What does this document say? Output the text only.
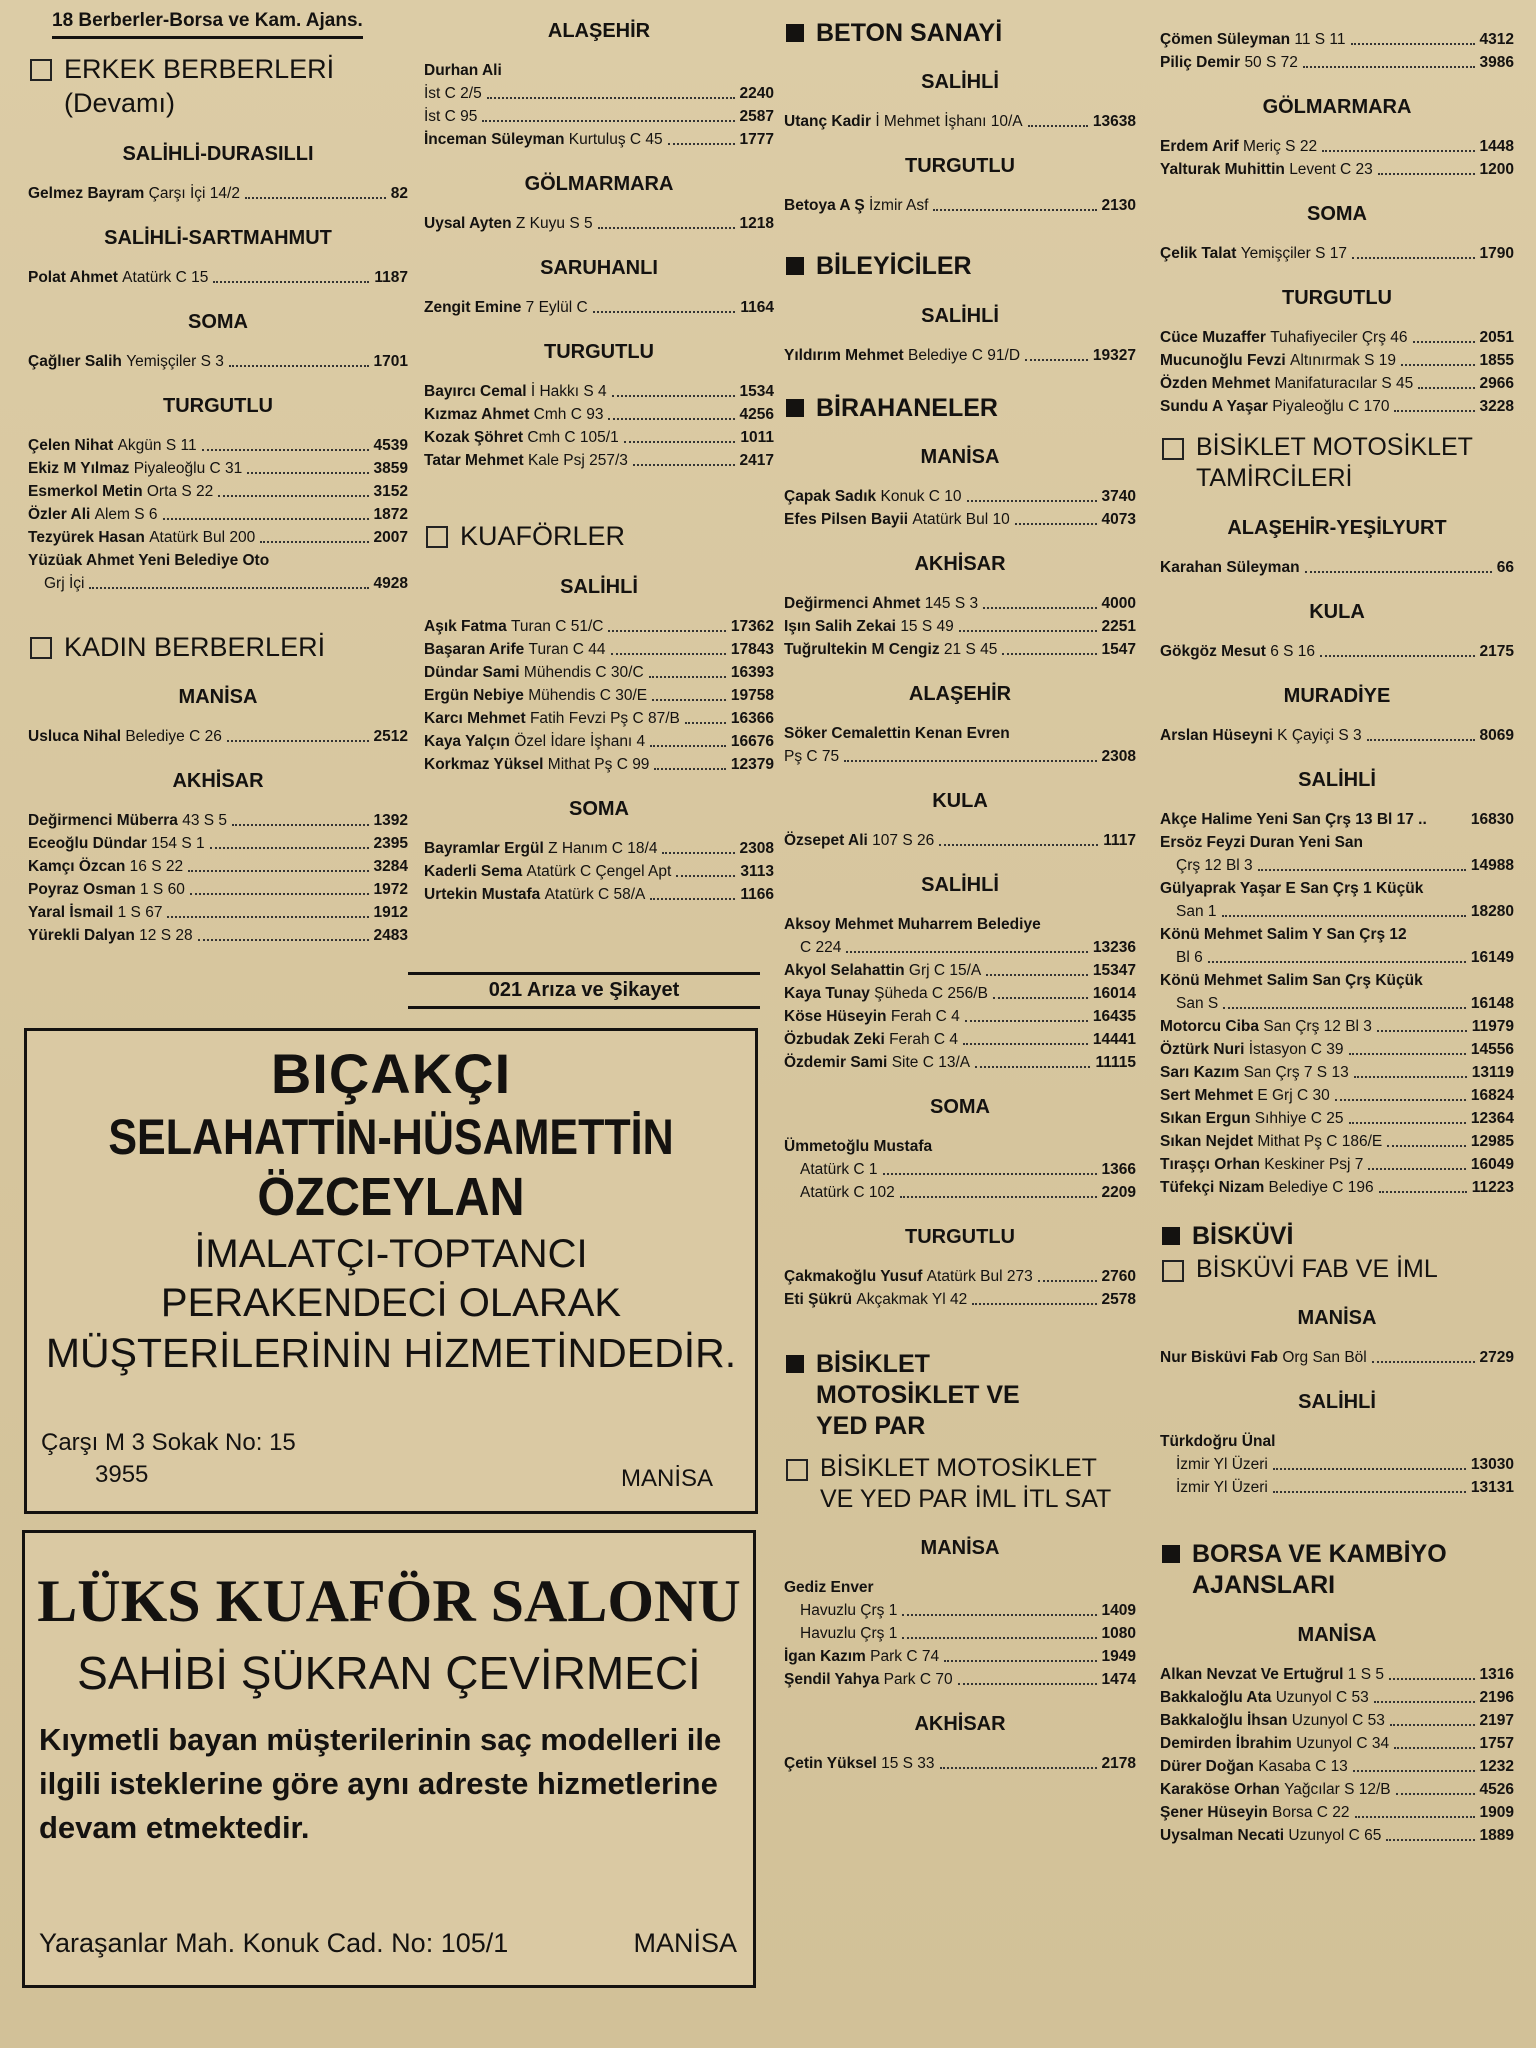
18 Berberler-Borsa ve Kam. Ajans.
ERKEK BERBERLERİ
(Devamı)
SALİHLİ-DURASILLI
Gelmez Bayram Çarşı İçi 14/2	82
SALİHLİ-SARTMAHMUT
Polat Ahmet Atatürk C 15	1187
SOMA
Çağlıer Salih Yemişçiler S 3	1701
TURGUTLU
Çelen Nihat Akgün S 11	4539
Ekiz M Yılmaz Piyaleoğlu C 31	3859
Esmerkol Metin Orta S 22	3152
Özler Ali Alem S 6	1872
Tezyürek Hasan Atatürk Bul 200	2007
Yüzüak Ahmet Yeni Belediye Oto
Grj İçi	4928
KADIN BERBERLERİ
MANİSA
Usluca Nihal Belediye C 26	2512
AKHİSAR
Değirmenci Müberra 43 S 5	1392
Eceoğlu Dündar 154 S 1	2395
Kamçı Özcan 16 S 22	3284
Poyraz Osman 1 S 60	1972
Yaral İsmail 1 S 67	1912
Yürekli Dalyan 12 S 28	2483
ALAŞEHİR
Durhan Ali
İst C 2/5	2240
İst C 95	2587
İnceman Süleyman Kurtuluş C 45	1777
GÖLMARMARA
Uysal Ayten Z Kuyu S 5	1218
SARUHANLI
Zengit Emine 7 Eylül C	1164
TURGUTLU
Bayırcı Cemal İ Hakkı S 4	1534
Kızmaz Ahmet Cmh C 93	4256
Kozak Şöhret Cmh C 105/1	1011
Tatar Mehmet Kale Psj 257/3	2417
KUAFÖRLER
SALİHLİ
Aşık Fatma Turan C 51/C	17362
Başaran Arife Turan C 44	17843
Dündar Sami Mühendis C 30/C	16393
Ergün Nebiye Mühendis C 30/E	19758
Karcı Mehmet Fatih Fevzi Pş C 87/B	16366
Kaya Yalçın Özel İdare İşhanı 4	16676
Korkmaz Yüksel Mithat Pş C 99	12379
SOMA
Bayramlar Ergül Z Hanım C 18/4	2308
Kaderli Sema Atatürk C Çengel Apt	3113
Urtekin Mustafa Atatürk C 58/A	1166
021 Arıza ve Şikayet
BIÇAKÇI
SELAHATTİN-HÜSAMETTİN
ÖZCEYLAN
İMALATÇI-TOPTANCI
PERAKENDECİ OLARAK
MÜŞTERİLERİNİN HİZMETİNDEDİR.
Çarşı M 3 Sokak No: 15
3955	MANİSA
LÜKS KUAFÖR SALONU
SAHİBİ ŞÜKRAN ÇEVİRMECİ
Kıymetli bayan müşterilerinin saç modelleri ile
ilgili isteklerine göre aynı adreste hizmetlerine
devam etmektedir.
Yaraşanlar Mah. Konuk Cad. No: 105/1	MANİSA
BETON SANAYİ
SALİHLİ
Utanç Kadir İ Mehmet İşhanı 10/A	13638
TURGUTLU
Betoya A Ş İzmir Asf	2130
BİLEYİCİLER
SALİHLİ
Yıldırım Mehmet Belediye C 91/D	19327
BİRAHANELER
MANİSA
Çapak Sadık Konuk C 10	3740
Efes Pilsen Bayii Atatürk Bul 10	4073
AKHİSAR
Değirmenci Ahmet 145 S 3	4000
Işın Salih Zekai 15 S 49	2251
Tuğrultekin M Cengiz 21 S 45	1547
ALAŞEHİR
Söker Cemalettin Kenan Evren
Pş C 75	2308
KULA
Özsepet Ali 107 S 26	1117
SALİHLİ
Aksoy Mehmet Muharrem Belediye
C 224	13236
Akyol Selahattin Grj C 15/A	15347
Kaya Tunay Şüheda C 256/B	16014
Köse Hüseyin Ferah C 4	16435
Özbudak Zeki Ferah C 4	14441
Özdemir Sami Site C 13/A	11115
SOMA
Ümmetoğlu Mustafa
Atatürk C 1	1366
Atatürk C 102	2209
TURGUTLU
Çakmakoğlu Yusuf Atatürk Bul 273	2760
Eti Şükrü Akçakmak Yl 42	2578
BİSİKLET MOTOSİKLET VE YED PAR
BİSİKLET MOTOSİKLET VE YED PAR İML İTL SAT
MANİSA
Gediz Enver
Havuzlu Çrş 1	1409
Havuzlu Çrş 1	1080
İgan Kazım Park C 74	1949
Şendil Yahya Park C 70	1474
AKHİSAR
Çetin Yüksel 15 S 33	2178
Çömen Süleyman 11 S 11	4312
Piliç Demir 50 S 72	3986
GÖLMARMARA
Erdem Arif Meriç S 22	1448
Yalturak Muhittin Levent C 23	1200
SOMA
Çelik Talat Yemişçiler S 17	1790
TURGUTLU
Cüce Muzaffer Tuhafiyeciler Çrş 46	2051
Mucunoğlu Fevzi Altınırmak S 19	1855
Özden Mehmet Manifaturacılar S 45	2966
Sundu A Yaşar Piyaleoğlu C 170	3228
BİSİKLET MOTOSİKLET TAMİRCİLERİ
ALAŞEHİR-YEŞİLYURT
Karahan Süleyman	66
KULA
Gökgöz Mesut 6 S 16	2175
MURADİYE
Arslan Hüseyni K Çayiçi S 3	8069
SALİHLİ
Akçe Halime Yeni San Çrş 13 Bl 17 ..	16830
Ersöz Feyzi Duran Yeni San
Çrş 12 Bl 3	14988
Gülyaprak Yaşar E San Çrş 1 Küçük
San 1	18280
Könü Mehmet Salim Y San Çrş 12
Bl 6	16149
Könü Mehmet Salim San Çrş Küçük
San S	16148
Motorcu Ciba San Çrş 12 Bl 3	11979
Öztürk Nuri İstasyon C 39	14556
Sarı Kazım San Çrş 7 S 13	13119
Sert Mehmet E Grj C 30	16824
Sıkan Ergun Sıhhiye C 25	12364
Sıkan Nejdet Mithat Pş C 186/E	12985
Tıraşçı Orhan Keskiner Psj 7	16049
Tüfekçi Nizam Belediye C 196	11223
BİSKÜVİ
BİSKÜVİ FAB VE İML
MANİSA
Nur Bisküvi Fab Org San Böl	2729
SALİHLİ
Türkdoğru Ünal
İzmir Yl Üzeri	13030
İzmir Yl Üzeri	13131
BORSA VE KAMBİYO AJANSLARI
MANİSA
Alkan Nevzat Ve Ertuğrul 1 S 5	1316
Bakkaloğlu Ata Uzunyol C 53	2196
Bakkaloğlu İhsan Uzunyol C 53	2197
Demirden İbrahim Uzunyol C 34	1757
Dürer Doğan Kasaba C 13	1232
Karaköse Orhan Yağcılar S 12/B	4526
Şener Hüseyin Borsa C 22	1909
Uysalman Necati Uzunyol C 65	1889
